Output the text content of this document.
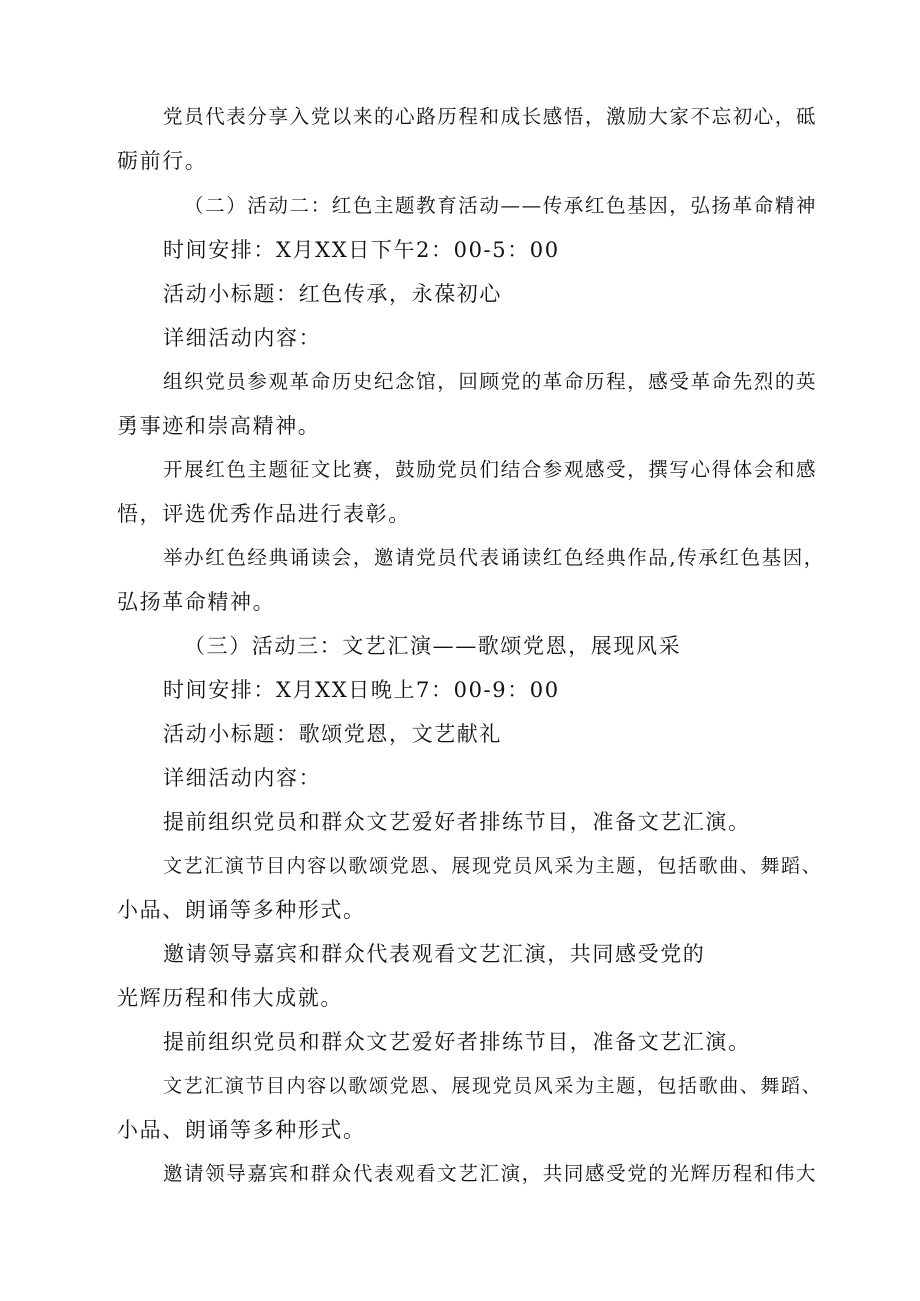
党员代表分享入党以来的心路历程和成长感悟，激励大家不忘初心，砥
砺前行。
（二）活动二：红色主题教育活动——传承红色基因，弘扬革命精神
时间安排：X月XX日下午2：00-5：00
活动小标题：红色传承，永葆初心
详细活动内容：
组织党员参观革命历史纪念馆，回顾党的革命历程，感受革命先烈的英
勇事迹和崇高精神。
开展红色主题征文比赛，鼓励党员们结合参观感受，撰写心得体会和感
悟，评选优秀作品进行表彰。
举办红色经典诵读会，邀请党员代表诵读红色经典作品,传承红色基因，
弘扬革命精神。
（三）活动三：文艺汇演——歌颂党恩，展现风采
时间安排：X月XX日晚上7：00-9：00
活动小标题：歌颂党恩，文艺献礼
详细活动内容：
提前组织党员和群众文艺爱好者排练节目，准备文艺汇演。
文艺汇演节目内容以歌颂党恩、展现党员风采为主题，包括歌曲、舞蹈、
小品、朗诵等多种形式。
邀请领导嘉宾和群众代表观看文艺汇演，共同感受党的
光辉历程和伟大成就。
提前组织党员和群众文艺爱好者排练节目，准备文艺汇演。
文艺汇演节目内容以歌颂党恩、展现党员风采为主题，包括歌曲、舞蹈、
小品、朗诵等多种形式。
邀请领导嘉宾和群众代表观看文艺汇演，共同感受党的光辉历程和伟大
